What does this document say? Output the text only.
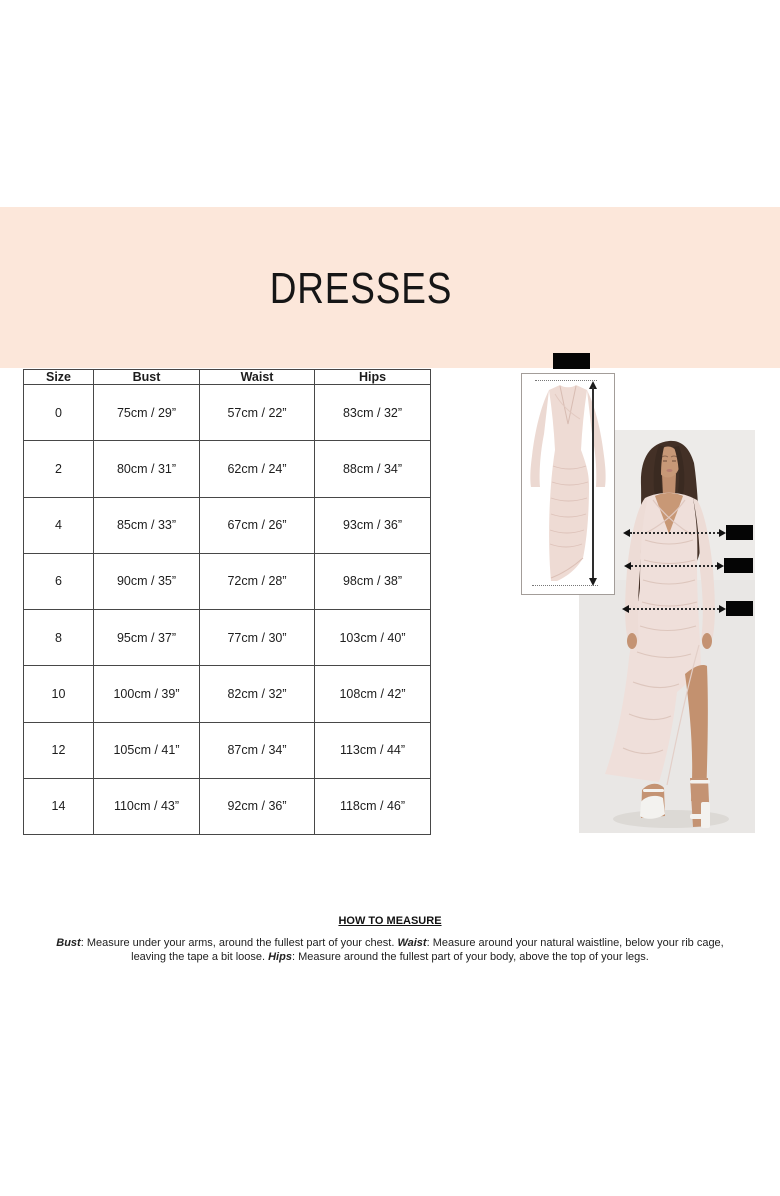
DRESSES
Size	Bust	Waist	Hips
0	75cm / 29”	57cm / 22”	83cm / 32”
2	80cm / 31”	62cm / 24”	88cm / 34”
4	85cm / 33”	67cm / 26”	93cm / 36”
6	90cm / 35”	72cm / 28”	98cm / 38”
8	95cm / 37”	77cm / 30”	103cm / 40”
10	100cm / 39”	82cm / 32”	108cm / 42”
12	105cm / 41”	87cm / 34”	113cm / 44”
14	110cm / 43”	92cm / 36”	118cm / 46”
HOW TO MEASURE

Bust: Measure under your arms, around the fullest part of your chest. Waist: Measure around your natural waistline, below your rib cage, leaving the tape a bit loose. Hips: Measure around the fullest part of your body, above the top of your legs.
